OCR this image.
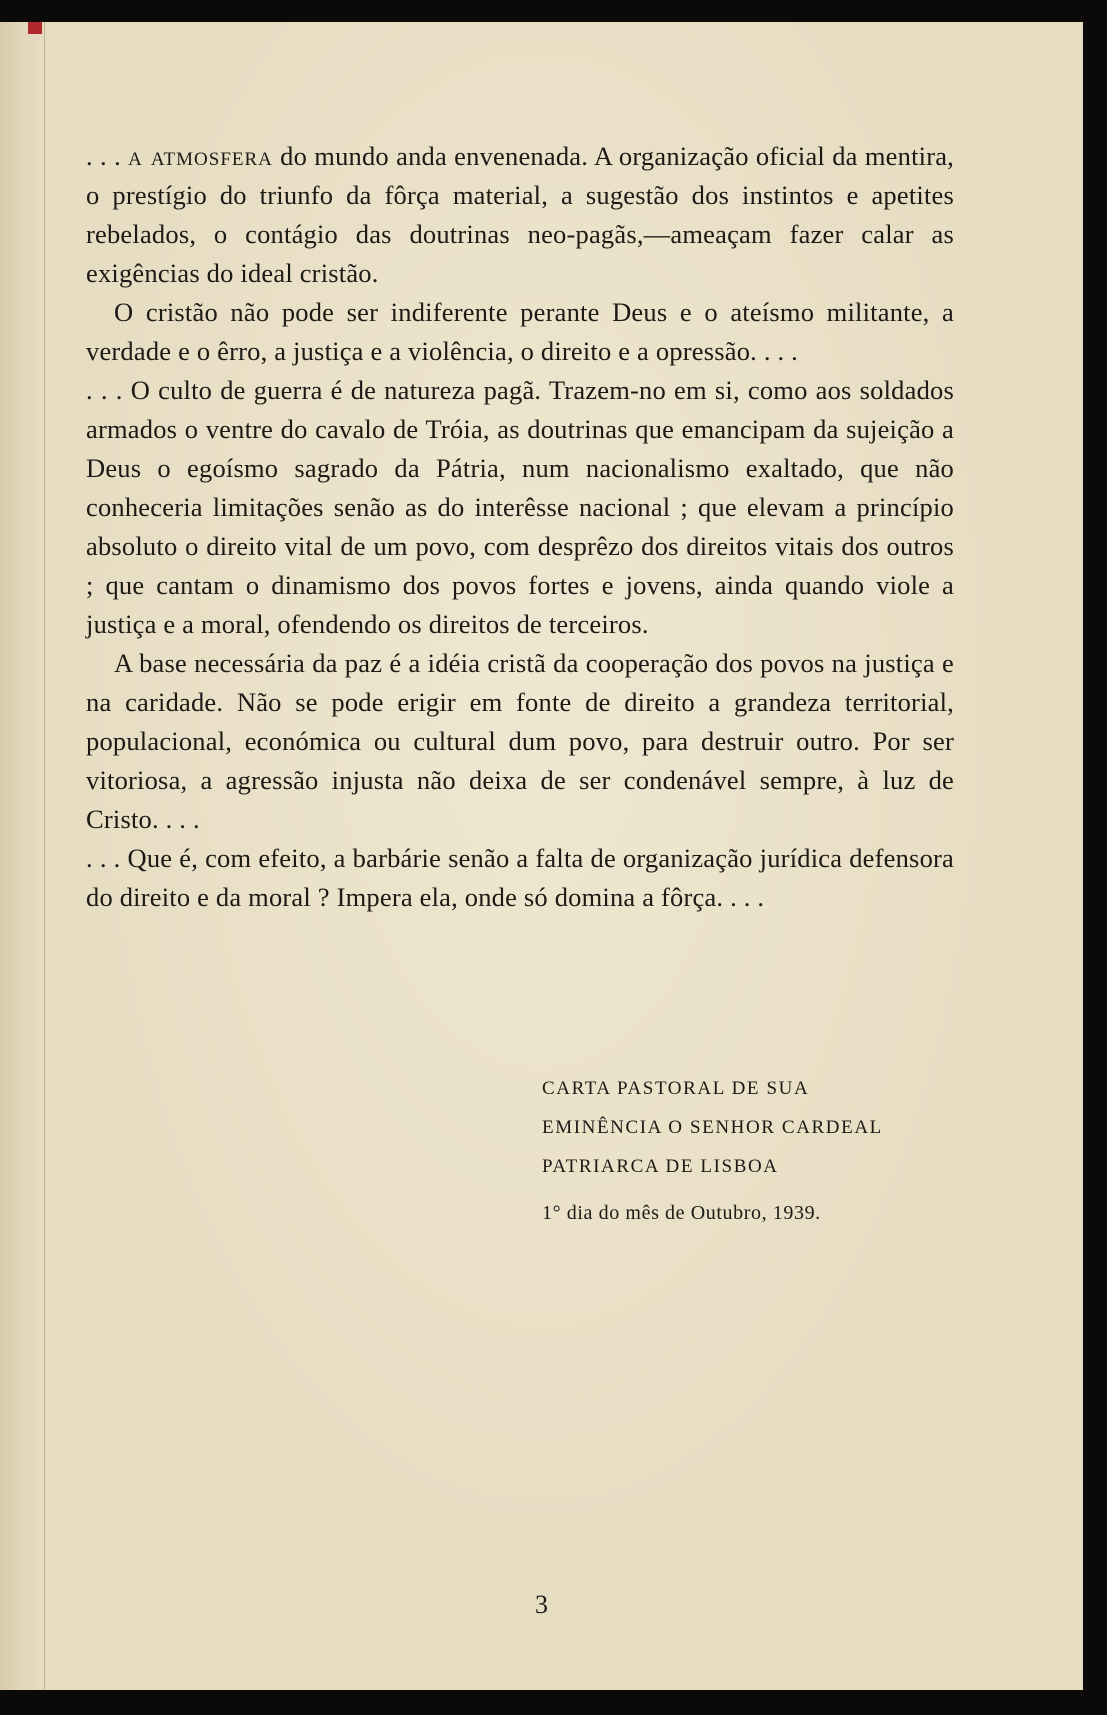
. . . a atmosfera do mundo anda envenenada. A organização oficial da mentira, o prestígio do triunfo da fôrça material, a sugestão dos instintos e apetites rebelados, o contágio das doutrinas neo-pagãs,—ameaçam fazer calar as exigências do ideal cristão.

O cristão não pode ser indiferente perante Deus e o ateísmo militante, a verdade e o êrro, a justiça e a violência, o direito e a opressão. . . .

. . . O culto de guerra é de natureza pagã. Trazem-no em si, como aos soldados armados o ventre do cavalo de Tróia, as doutrinas que emancipam da sujeição a Deus o egoísmo sagrado da Pátria, num nacionalismo exaltado, que não conheceria limitações senão as do interêsse nacional ; que elevam a princípio absoluto o direito vital de um povo, com desprêzo dos direitos vitais dos outros ; que cantam o dinamismo dos povos fortes e jovens, ainda quando viole a justiça e a moral, ofendendo os direitos de terceiros.

A base necessária da paz é a idéia cristã da cooperação dos povos na justiça e na caridade. Não se pode erigir em fonte de direito a grandeza territorial, populacional, económica ou cultural dum povo, para destruir outro. Por ser vitoriosa, a agressão injusta não deixa de ser condenável sempre, à luz de Cristo. . . .

. . . Que é, com efeito, a barbárie senão a falta de organização jurídica defensora do direito e da moral ? Impera ela, onde só domina a fôrça. . . .

CARTA PASTORAL DE SUA
EMINÊNCIA O SENHOR CARDEAL
PATRIARCA DE LISBOA
1° dia do mês de Outubro, 1939.
3
